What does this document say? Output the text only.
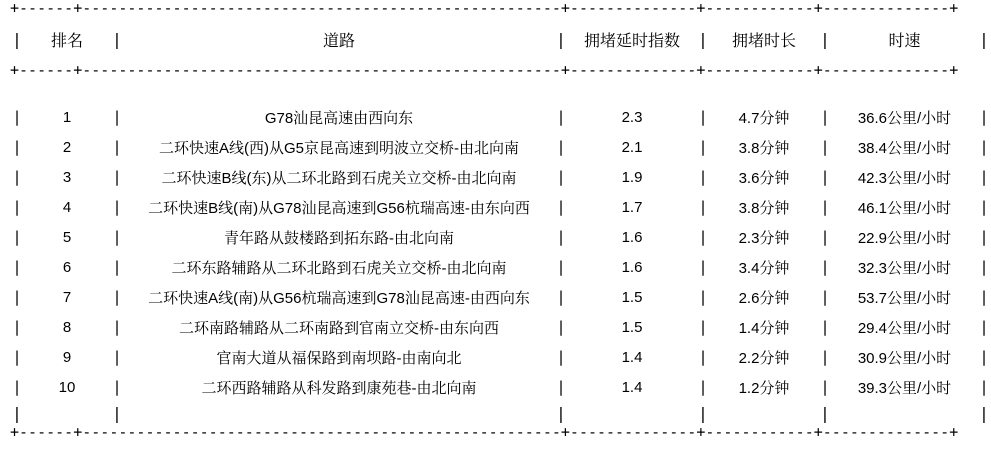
+------+-----------------------------------------------------+--------------+------------+--------------+
|	排名	|	道路	|	拥堵延时指数	|	拥堵时长	|	时速	|
+------+-----------------------------------------------------+--------------+------------+--------------+

|	1	|	G78汕昆高速由西向东	|	2.3	|	4.7分钟	|	36.6公里/小时	|
|	2	|	二环快速A线(西)从G5京昆高速到明波立交桥-由北向南	|	2.1	|	3.8分钟	|	38.4公里/小时	|
|	3	|	二环快速B线(东)从二环北路到石虎关立交桥-由北向南	|	1.9	|	3.6分钟	|	42.3公里/小时	|
|	4	|	二环快速B线(南)从G78汕昆高速到G56杭瑞高速-由东向西	|	1.7	|	3.8分钟	|	46.1公里/小时	|
|	5	|	青年路从鼓楼路到拓东路-由北向南	|	1.6	|	2.3分钟	|	22.9公里/小时	|
|	6	|	二环东路辅路从二环北路到石虎关立交桥-由北向南	|	1.6	|	3.4分钟	|	32.3公里/小时	|
|	7	|	二环快速A线(南)从G56杭瑞高速到G78汕昆高速-由西向东	|	1.5	|	2.6分钟	|	53.7公里/小时	|
|	8	|	二环南路辅路从二环南路到官南立交桥-由东向西	|	1.5	|	1.4分钟	|	29.4公里/小时	|
|	9	|	官南大道从福保路到南坝路-由南向北	|	1.4	|	2.2分钟	|	30.9公里/小时	|
|	10	|	二环西路辅路从科发路到康苑巷-由北向南	|	1.4	|	1.2分钟	|	39.3公里/小时	|
|		|		|		|		|		|
+------+-----------------------------------------------------+--------------+------------+--------------+
